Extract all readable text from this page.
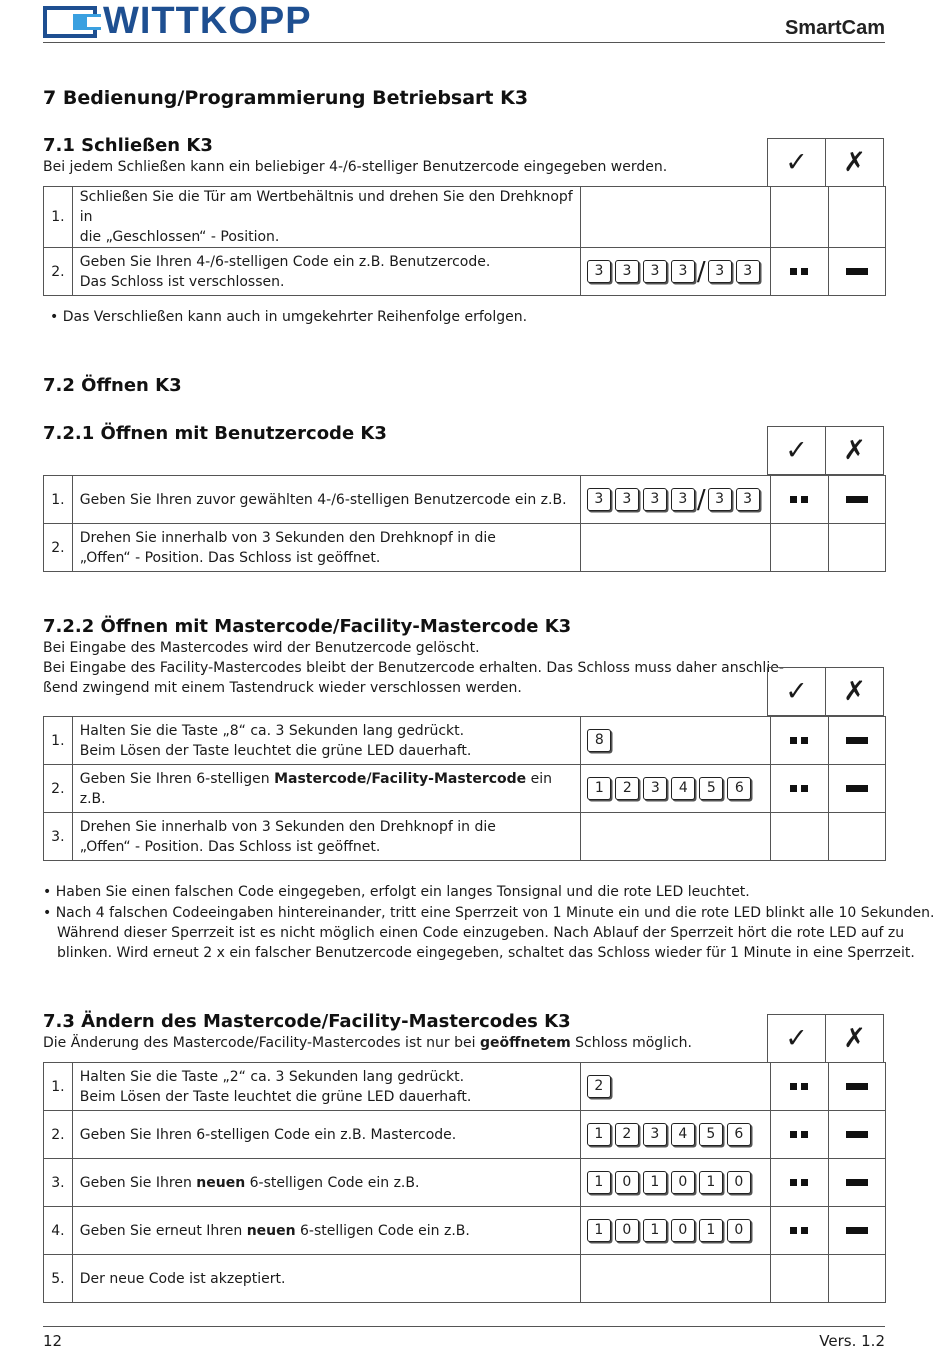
WITTKOPP	SmartCam
7 Bedienung/Programmierung Betriebsart K3
7.1 Schließen K3
Bei jedem Schließen kann ein beliebiger 4-/6-stelliger Benutzercode eingegeben werden.	✓	✗
1.	Schließen Sie die Tür am Wertbehältnis und drehen Sie den Drehknopf in
die „Geschlossen“ - Position.			
2.	Geben Sie Ihren 4-/6-stelligen Code ein z.B. Benutzercode.
Das Schloss ist verschlossen.	3 3 3 3 / 3 3	

• Das Verschließen kann auch in umgekehrter Reihenfolge erfolgen.
7.2 Öffnen K3
7.2.1 Öffnen mit Benutzercode K3
✓	✗
1.	Geben Sie Ihren zuvor gewählten 4-/6-stelligen Benutzercode ein z.B.	3 3 3 3 / 3 3	

2.	Drehen Sie innerhalb von 3 Sekunden den Drehknopf in die
„Offen“ - Position. Das Schloss ist geöffnet.			
7.2.2 Öffnen mit Mastercode/Facility-Mastercode K3
Bei Eingabe des Mastercodes wird der Benutzercode gelöscht.
Bei Eingabe des Facility-Mastercodes bleibt der Benutzercode erhalten. Das Schloss muss daher anschlie-
ßend zwingend mit einem Tastendruck wieder verschlossen werden.	✓	✗
1.	Halten Sie die Taste „8“ ca. 3 Sekunden lang gedrückt.
Beim Lösen der Taste leuchtet die grüne LED dauerhaft.	8	

2.	Geben Sie Ihren 6-stelligen Mastercode/Facility-Mastercode ein z.B.	1 2 3 4 5 6	

3.	Drehen Sie innerhalb von 3 Sekunden den Drehknopf in die
„Offen“ - Position. Das Schloss ist geöffnet.			
• Haben Sie einen falschen Code eingegeben, erfolgt ein langes Tonsignal und die rote LED leuchtet.
• Nach 4 falschen Codeeingaben hintereinander, tritt eine Sperrzeit von 1 Minute ein und die rote LED blinkt alle 10 Sekunden.
Während dieser Sperrzeit ist es nicht möglich einen Code einzugeben. Nach Ablauf der Sperrzeit hört die rote LED auf zu
blinken. Wird erneut 2 x ein falscher Benutzercode eingegeben, schaltet das Schloss wieder für 1 Minute in eine Sperrzeit.
7.3 Ändern des Mastercode/Facility-Mastercodes K3
Die Änderung des Mastercode/Facility-Mastercodes ist nur bei geöffnetem Schloss möglich.	✓	✗
1.	Halten Sie die Taste „2“ ca. 3 Sekunden lang gedrückt.
Beim Lösen der Taste leuchtet die grüne LED dauerhaft.	2	

2.	Geben Sie Ihren 6-stelligen Code ein z.B. Mastercode.	1 2 3 4 5 6	

3.	Geben Sie Ihren neuen 6-stelligen Code ein z.B.	1 0 1 0 1 0	

4.	Geben Sie erneut Ihren neuen 6-stelligen Code ein z.B.	1 0 1 0 1 0	

5.	Der neue Code ist akzeptiert.			
12	Vers. 1.2
